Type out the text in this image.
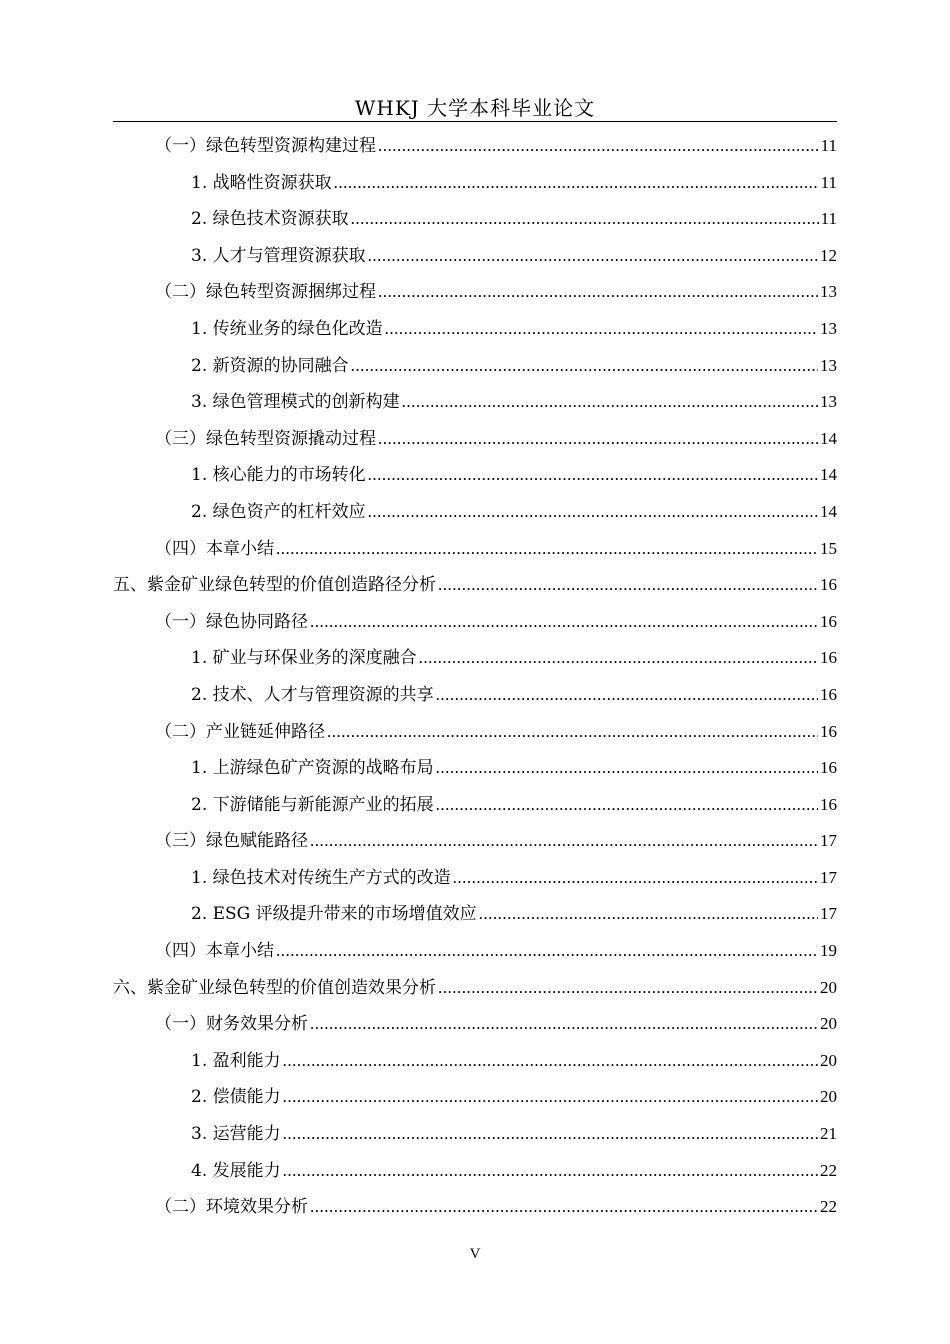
WHKJ 大学本科毕业论文
（一）绿色转型资源构建过程 .....	11
1. 战略性资源获取 .....	11
2. 绿色技术资源获取 .....	11
3. 人才与管理资源获取 .....	12
（二）绿色转型资源捆绑过程 .....	13
1. 传统业务的绿色化改造 .....	13
2. 新资源的协同融合 .....	13
3. 绿色管理模式的创新构建 .....	13
（三）绿色转型资源撬动过程 .....	14
1. 核心能力的市场转化 .....	14
2. 绿色资产的杠杆效应 .....	14
（四）本章小结 .....	15
五、紫金矿业绿色转型的价值创造路径分析 .....	16
（一）绿色协同路径 .....	16
1. 矿业与环保业务的深度融合 .....	16
2. 技术、人才与管理资源的共享 .....	16
（二）产业链延伸路径 .....	16
1. 上游绿色矿产资源的战略布局 .....	16
2. 下游储能与新能源产业的拓展 .....	16
（三）绿色赋能路径 .....	17
1. 绿色技术对传统生产方式的改造 .....	17
2. ESG 评级提升带来的市场增值效应 .....	17
（四）本章小结 .....	19
六、紫金矿业绿色转型的价值创造效果分析 .....	20
（一）财务效果分析 .....	20
1. 盈利能力 .....	20
2. 偿债能力 .....	20
3. 运营能力 .....	21
4. 发展能力 .....	22
（二）环境效果分析 .....	22
V
